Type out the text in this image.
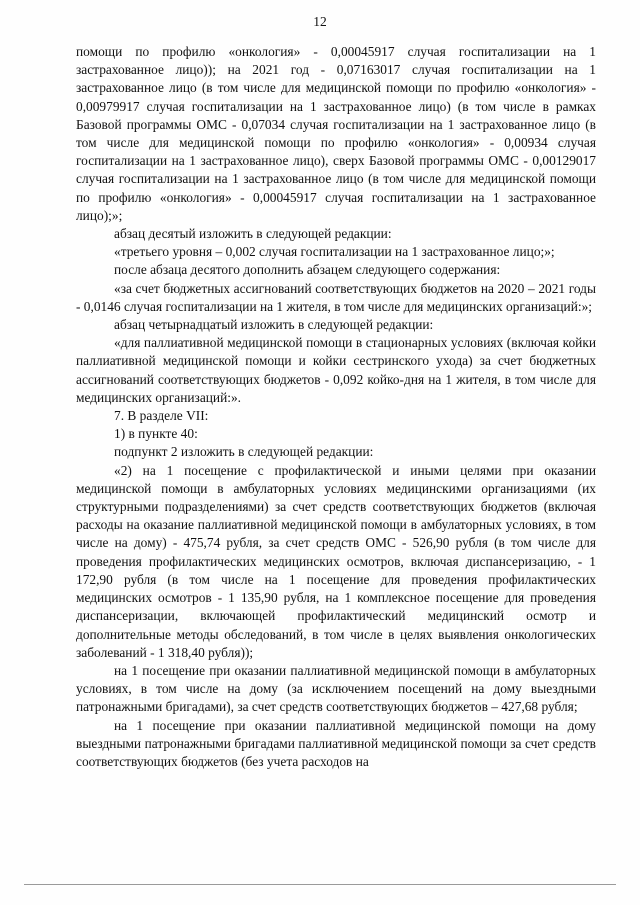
12

помощи по профилю «онкология» - 0,00045917 случая госпитализации на 1 застрахованное лицо)); на 2021 год - 0,07163017 случая госпитализации на 1 застрахованное лицо (в том числе для медицинской помощи по профилю «онкология» - 0,00979917 случая госпитализации на 1 застрахованное лицо) (в том числе в рамках Базовой программы ОМС - 0,07034 случая госпитализации на 1 застрахованное лицо (в том числе для медицинской помощи по профилю «онкология» - 0,00934 случая госпитализации на 1 застрахованное лицо), сверх Базовой программы ОМС - 0,00129017 случая госпитализации на 1 застрахованное лицо (в том числе для медицинской помощи по профилю «онкология» - 0,00045917 случая госпитализации на 1 застрахованное лицо);»;

абзац десятый изложить в следующей редакции:

«третьего уровня – 0,002 случая госпитализации на 1 застрахованное лицо;»;

после абзаца десятого дополнить абзацем следующего содержания:

«за счет бюджетных ассигнований соответствующих бюджетов на 2020 – 2021 годы - 0,0146 случая госпитализации на 1 жителя, в том числе для медицинских организаций:»;

абзац четырнадцатый изложить в следующей редакции:

«для паллиативной медицинской помощи в стационарных условиях (включая койки паллиативной медицинской помощи и койки сестринского ухода) за счет бюджетных ассигнований соответствующих бюджетов - 0,092 койко-дня на 1 жителя, в том числе для медицинских организаций:».

7. В разделе VII:

1) в пункте 40:

подпункт 2 изложить в следующей редакции:

«2) на 1 посещение с профилактической и иными целями при оказании медицинской помощи в амбулаторных условиях медицинскими организациями (их структурными подразделениями) за счет средств соответствующих бюджетов (включая расходы на оказание паллиативной медицинской помощи в амбулаторных условиях, в том числе на дому) - 475,74 рубля, за счет средств ОМС - 526,90 рубля (в том числе для проведения профилактических медицинских осмотров, включая диспансеризацию, - 1 172,90 рубля (в том числе на 1 посещение для проведения профилактических медицинских осмотров - 1 135,90 рубля, на 1 комплексное посещение для проведения диспансеризации, включающей профилактический медицинский осмотр и дополнительные методы обследований, в том числе в целях выявления онкологических заболеваний - 1 318,40 рубля));

на 1 посещение при оказании паллиативной медицинской помощи в амбулаторных условиях, в том числе на дому (за исключением посещений на дому выездными патронажными бригадами), за счет средств соответствующих бюджетов – 427,68 рубля;

на 1 посещение при оказании паллиативной медицинской помощи на дому выездными патронажными бригадами паллиативной медицинской помощи за счет средств соответствующих бюджетов (без учета расходов на
